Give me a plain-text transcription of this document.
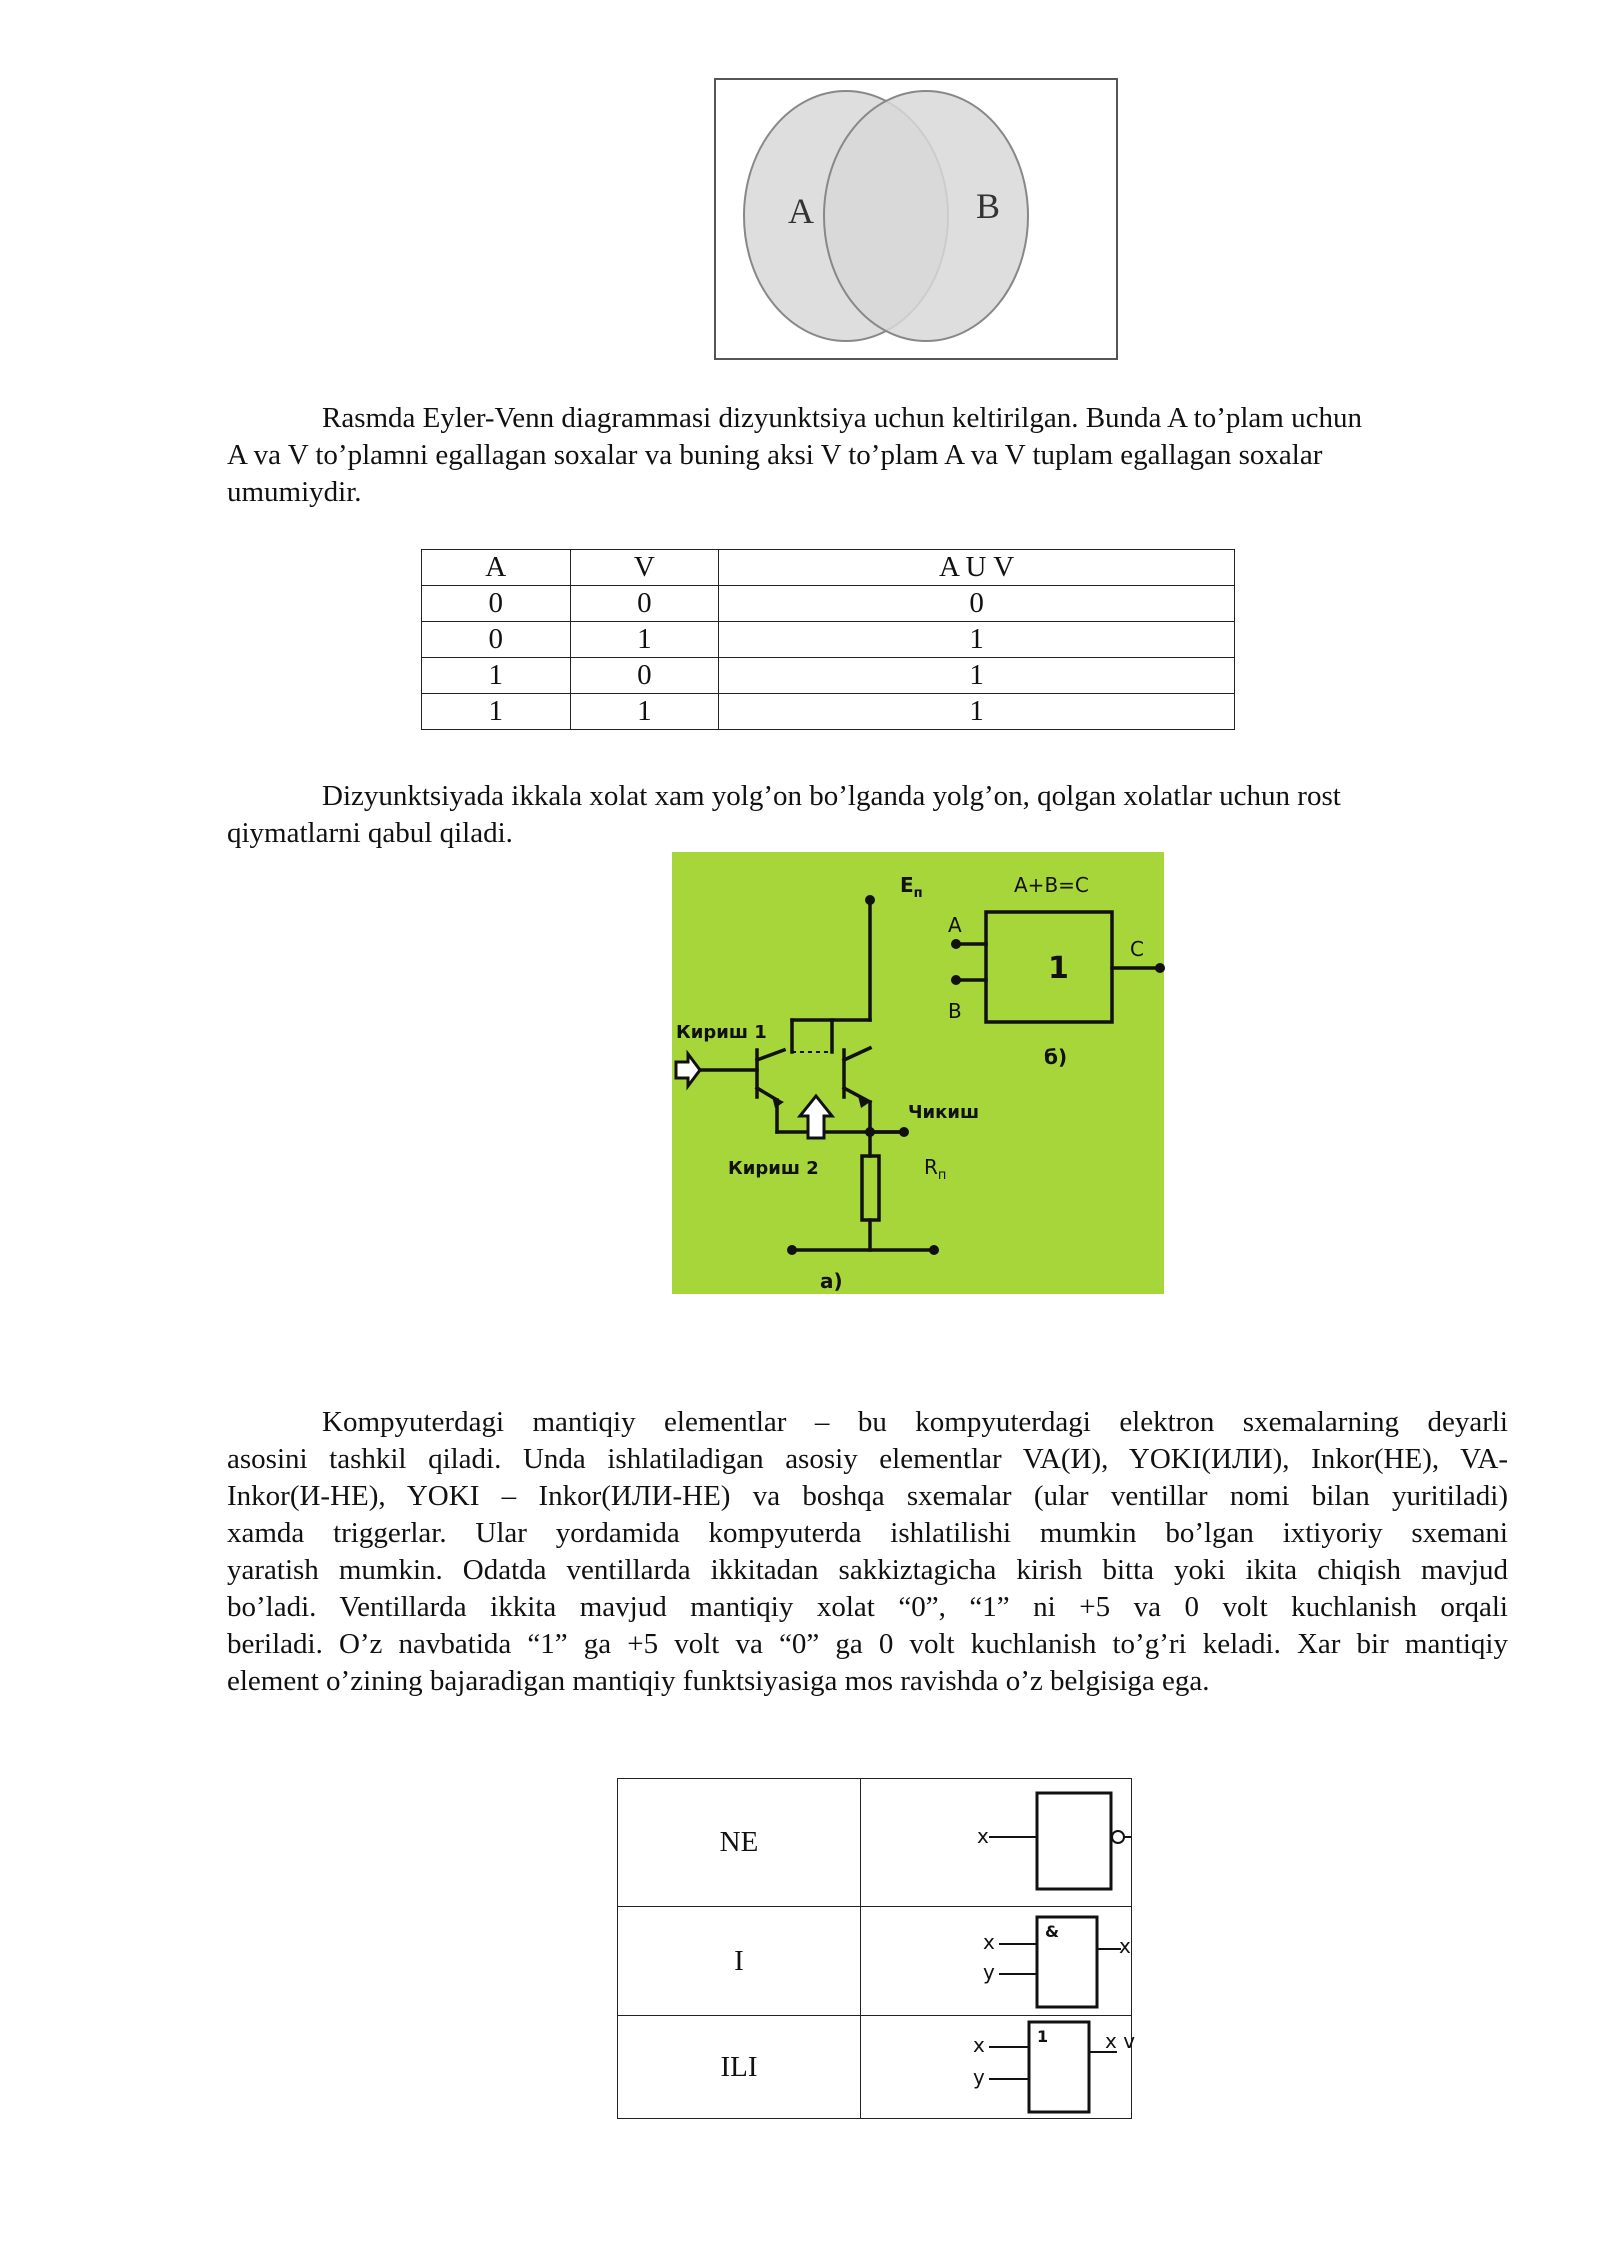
A	B
Rasmda Eyler-Venn diagrammasi dizyunktsiya uchun keltirilgan. Bunda A to’plam uchun
A va V to’plamni egallagan soxalar va buning aksi V to’plam A va V tuplam egallagan soxalar
umumiydir.
A	V	A U V
0	0	0
0	1	1
1	0	1
1	1	1
Dizyunktsiyada ikkala xolat xam yolg’on bo’lganda yolg’on, qolgan xolatlar uchun rost
qiymatlarni qabul qiladi.
$E_п$	A+B=C
A
B
C
1
Кириш 1
Кириш 2
Чикиш
$R_п$
б)
а)
Kompyuterdagi mantiqiy elementlar – bu kompyuterdagi elektron sxemalarning deyarli
asosini tashkil qiladi. Unda ishlatiladigan asosiy elementlar VA(И), YOKI(ИЛИ), Inkor(НЕ), VA-
Inkor(И-НЕ), YOKI – Inkor(ИЛИ-НЕ) va boshqa sxemalar (ular ventillar nomi bilan yuritiladi)
xamda triggerlar. Ular yordamida kompyuterda ishlatilishi mumkin bo’lgan ixtiyoriy sxemani
yaratish mumkin. Odatda ventillarda ikkitadan sakkiztagicha kirish bitta yoki ikita chiqish mavjud
bo’ladi. Ventillarda ikkita mavjud mantiqiy xolat “0”, “1” ni +5 va 0 volt kuchlanish orqali
beriladi. O’z navbatida “1” ga +5 volt va “0” ga 0 volt kuchlanish to’g’ri keladi. Xar bir mantiqiy
element o’zining bajaradigan mantiqiy funktsiyasiga mos ravishda o’z belgisiga ega.
NE	x

I	x
y
&
x

ILI	x
y
1 x v
